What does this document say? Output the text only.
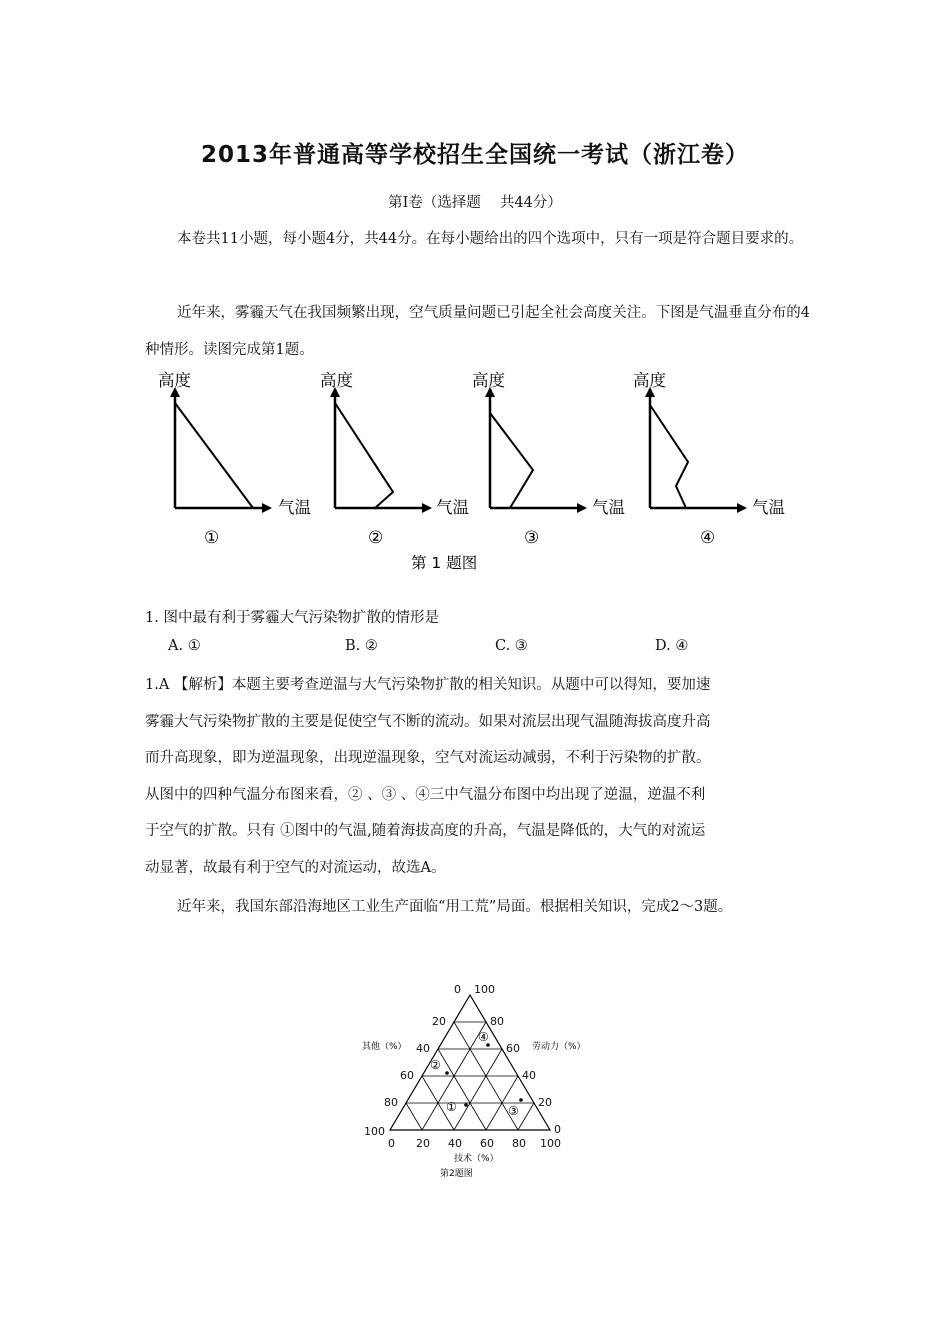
2013年普通高等学校招生全国统一考试（浙江卷）
第Ⅰ卷（选择题　 共44分）

本卷共11小题，每小题4分，共44分。在每小题给出的四个选项中，只有一项是符合题目要求的。

近年来，雾霾天气在我国频繁出现，空气质量问题已引起全社会高度关注。下图是气温垂直分布的4种情形。读图完成第1题。

高度
气温
①
高度
气温
②
高度
气温
③
高度
气温
④
第 1 题图
1. 图中最有利于雾霾大气污染物扩散的情形是
A. ①	B. ②	C. ③	D. ④
1.A 【解析】本题主要考查逆温与大气污染物扩散的相关知识。从题中可以得知，要加速
雾霾大气污染物扩散的主要是促使空气不断的流动。如果对流层出现气温随海拔高度升高
而升高现象，即为逆温现象，出现逆温现象，空气对流运动减弱，不利于污染物的扩散。
从图中的四种气温分布图来看，② 、③ 、④三中气温分布图中均出现了逆温，逆温不利
于空气的扩散。只有 ①图中的气温,随着海拔高度的升高，气温是降低的，大气的对流运
动显著，故最有利于空气的对流运动，故选A。

近年来，我国东部沿海地区工业生产面临“用工荒”局面。根据相关知识，完成2～3题。

0 100
20
40
60
80
100
80
60
40
20
0
0 20 40 60 80 100
其他（%）	劳动力（%）
技术（%）
第2题图
①
②
③
④
